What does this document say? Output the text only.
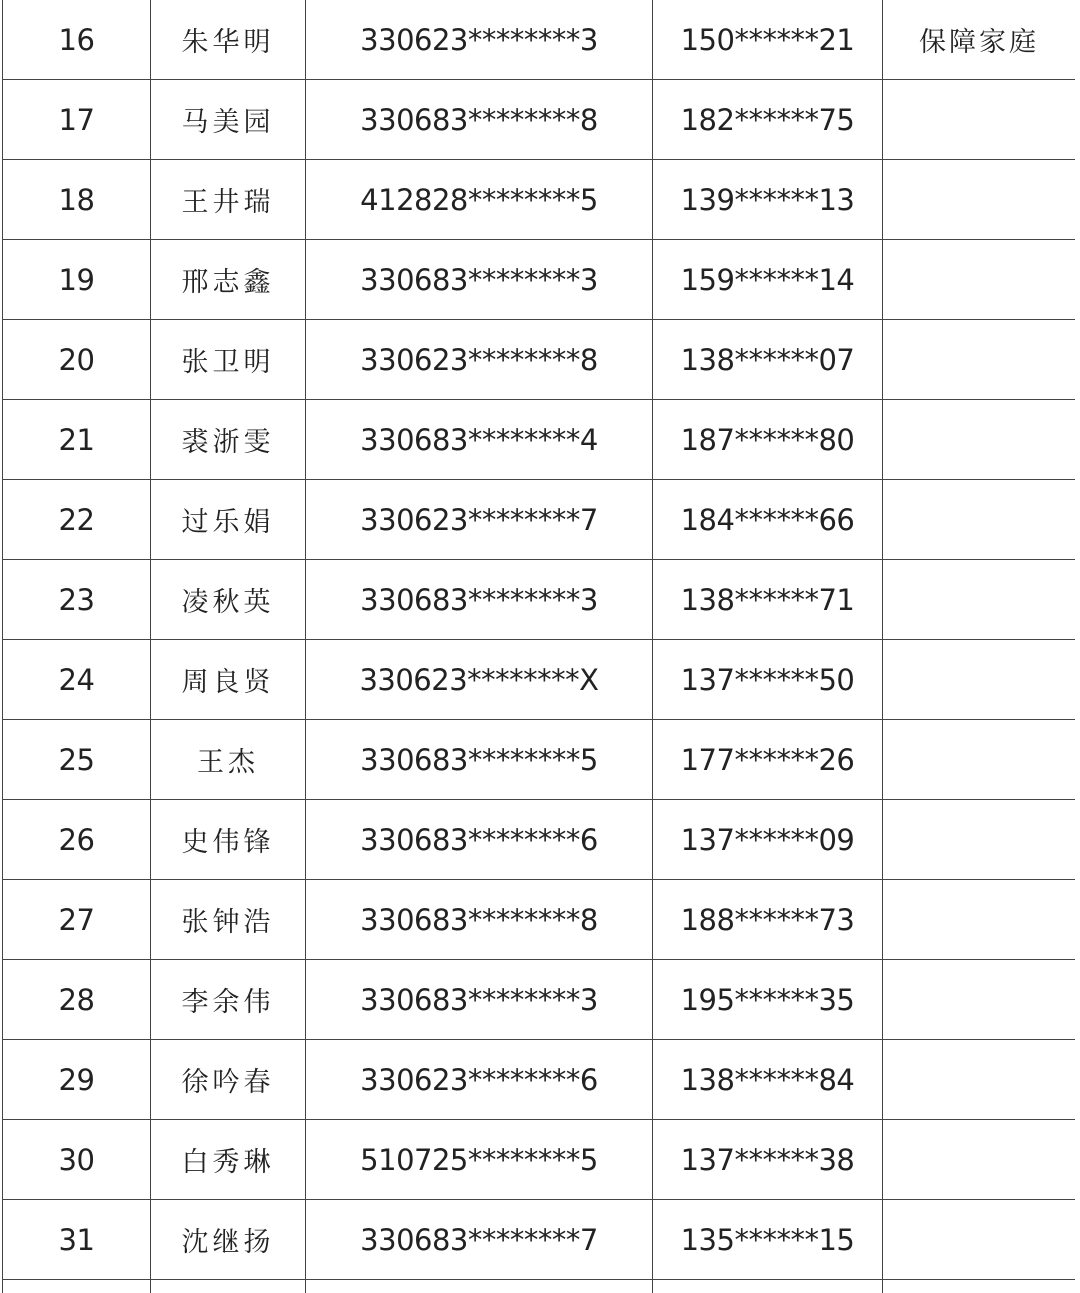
16	朱华明	330623********3	150******21	保障家庭
17	马美园	330683********8	182******75	
18	王井瑞	412828********5	139******13	
19	邢志鑫	330683********3	159******14	
20	张卫明	330623********8	138******07	
21	裘浙雯	330683********4	187******80	
22	过乐娟	330623********7	184******66	
23	凌秋英	330683********3	138******71	
24	周良贤	330623********X	137******50	
25	王杰	330683********5	177******26	
26	史伟锋	330683********6	137******09	
27	张钟浩	330683********8	188******73	
28	李余伟	330683********3	195******35	
29	徐吟春	330623********6	138******84	
30	白秀琳	510725********5	137******38	
31	沈继扬	330683********7	135******15	
